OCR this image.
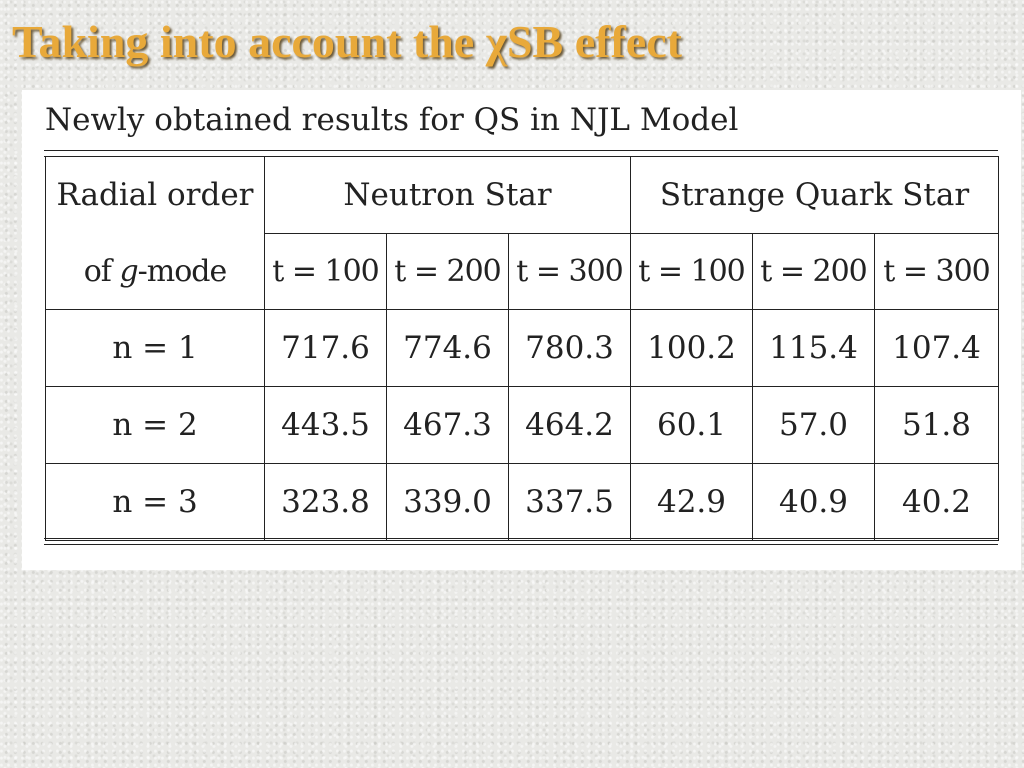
Taking into account the χSB effect

Newly obtained results for QS in NJL Model

Radial order	Neutron Star			Strange Quark Star		
of g-mode	t = 100	t = 200	t = 300	t = 100	t = 200	t = 300
n = 1	717.6	774.6	780.3	100.2	115.4	107.4
n = 2	443.5	467.3	464.2	60.1	57.0	51.8
n = 3	323.8	339.0	337.5	42.9	40.9	40.2
